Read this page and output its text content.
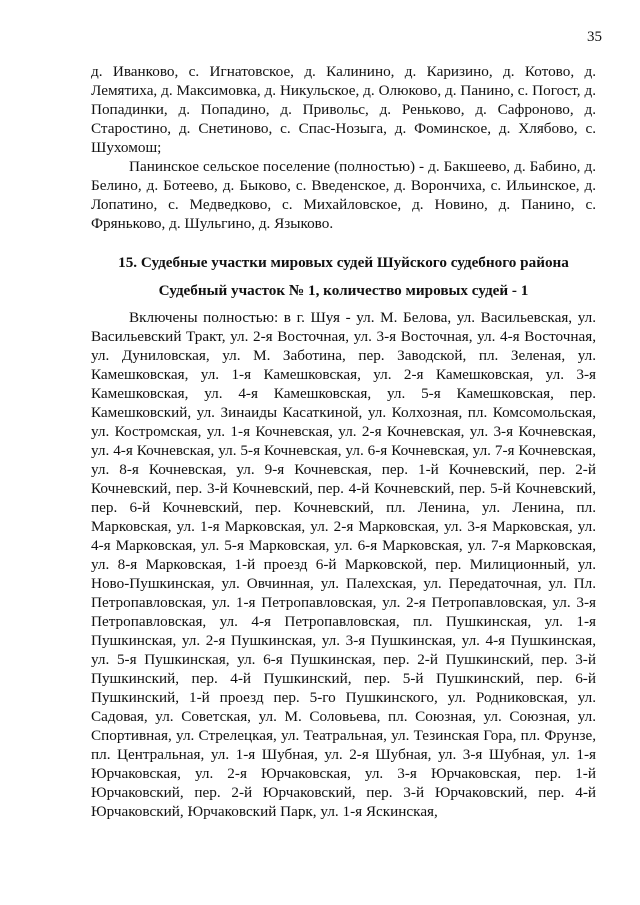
35

д. Иванково, с. Игнатовское, д. Калинино, д. Каризино, д. Котово, д. Лемятиха, д. Максимовка, д. Никульское, д. Олюково, д. Панино, с. Погост, д. Попадинки, д. Попадино, д. Привольс, д. Реньково, д. Сафроново, д. Старостино, д. Снетиново, с. Спас-Нозыга, д. Фоминское, д. Хлябово, с. Шухомош;

Панинское сельское поселение (полностью) - д. Бакшеево, д. Бабино, д. Белино, д. Ботеево, д. Быково, с. Введенское, д. Ворончиха, с. Ильинское, д. Лопатино, с. Медведково, с. Михайловское, д. Новино, д. Панино, с. Фряньково, д. Шульгино, д. Языково.

15. Судебные участки мировых судей Шуйского судебного района
Судебный участок № 1, количество мировых судей - 1

Включены полностью: в г. Шуя - ул. М. Белова, ул. Васильевская, ул. Васильевский Тракт, ул. 2-я Восточная, ул. 3-я Восточная, ул. 4-я Восточная, ул. Дуниловская, ул. М. Заботина, пер. Заводской, пл. Зеленая, ул. Камешковская, ул. 1-я Камешковская, ул. 2-я Камешковская, ул. 3-я Камешковская, ул. 4-я Камешковская, ул. 5-я Камешковская, пер. Камешковский, ул. Зинаиды Касаткиной, ул. Колхозная, пл. Комсомольская, ул. Костромская, ул. 1-я Кочневская, ул. 2-я Кочневская, ул. 3-я Кочневская, ул. 4-я Кочневская, ул. 5-я Кочневская, ул. 6-я Кочневская, ул. 7-я Кочневская, ул. 8-я Кочневская, ул. 9-я Кочневская, пер. 1-й Кочневский, пер. 2-й Кочневский, пер. 3-й Кочневский, пер. 4-й Кочневский, пер. 5-й Кочневский, пер. 6-й Кочневский, пер. Кочневский, пл. Ленина, ул. Ленина, пл. Марковская, ул. 1-я Марковская, ул. 2-я Марковская, ул. 3-я Марковская, ул. 4-я Марковская, ул. 5-я Марковская, ул. 6-я Марковская, ул. 7-я Марковская, ул. 8-я Марковская, 1-й проезд 6-й Марковской, пер. Милиционный, ул. Ново-Пушкинская, ул. Овчинная, ул. Палехская, ул. Передаточная, ул. Пл. Петропавловская, ул. 1-я Петропавловская, ул. 2-я Петропавловская, ул. 3-я Петропавловская, ул. 4-я Петропавловская, пл. Пушкинская, ул. 1-я Пушкинская, ул. 2-я Пушкинская, ул. 3-я Пушкинская, ул. 4-я Пушкинская, ул. 5-я Пушкинская, ул. 6-я Пушкинская, пер. 2-й Пушкинский, пер. 3-й Пушкинский, пер. 4-й Пушкинский, пер. 5-й Пушкинский, пер. 6-й Пушкинский, 1-й проезд пер. 5-го Пушкинского, ул. Родниковская, ул. Садовая, ул. Советская, ул. М. Соловьева, пл. Союзная, ул. Союзная, ул. Спортивная, ул. Стрелецкая, ул. Театральная, ул. Тезинская Гора, пл. Фрунзе, пл. Центральная, ул. 1-я Шубная, ул. 2-я Шубная, ул. 3-я Шубная, ул. 1-я Юрчаковская, ул. 2-я Юрчаковская, ул. 3-я Юрчаковская, пер. 1-й Юрчаковский, пер. 2-й Юрчаковский, пер. 3-й Юрчаковский, пер. 4-й Юрчаковский, Юрчаковский Парк, ул. 1-я Яскинская,
